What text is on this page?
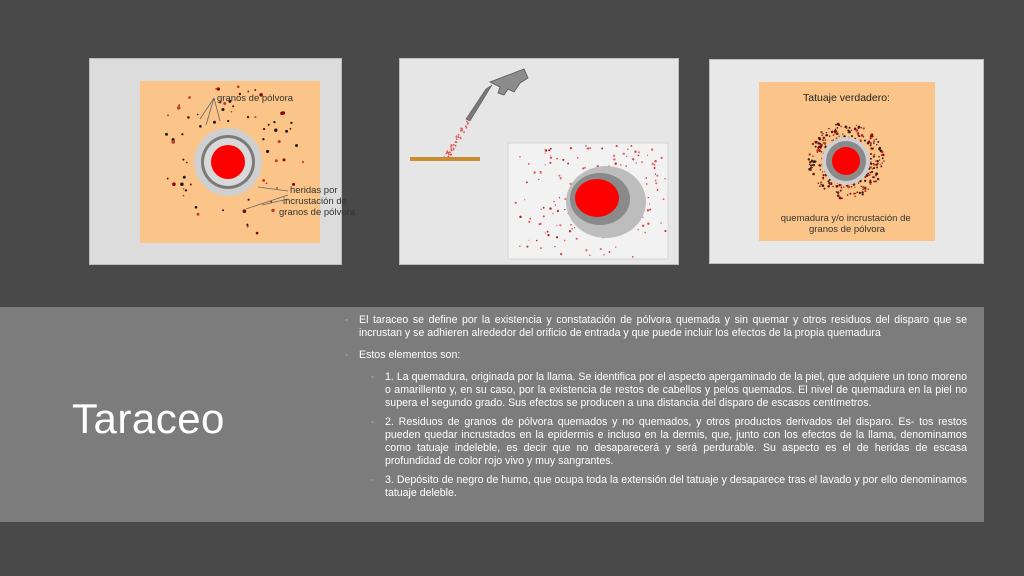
granos de pólvora
heridas por incrustación de granos de pólvora
Tatuaje verdadero:
quemadura y/o incrustación de granos de pólvora
Taraceo
▫ El taraceo se define por la existencia y constatación de pólvora quemada y sin quemar y otros residuos del disparo que se incrustan y se adhieren alrededor del orificio de entrada y que puede incluir los efectos de la propia quemadura
▫ Estos elementos son:
▫ 1. La quemadura, originada por la llama. Se identifica por el aspecto apergaminado de la piel, que adquiere un tono moreno o amarillento y, en su caso, por la existencia de restos de cabellos y pelos quemados. El nivel de quemadura en la piel no supera el segundo grado. Sus efectos se producen a una distancia del disparo de escasos centímetros.
▫ 2. Residuos de granos de pólvora quemados y no quemados, y otros productos derivados del disparo. Es- tos restos pueden quedar incrustados en la epidermis e incluso en la dermis, que, junto con los efectos de la llama, denominamos como tatuaje indeleble, es decir que no desaparecerá y será perdurable. Su aspecto es el de heridas de escasa profundidad de color rojo vivo y muy sangrantes.
▫ 3. Depósito de negro de humo, que ocupa toda la extensión del tatuaje y desaparece tras el lavado y por ello denominamos tatuaje deleble.
